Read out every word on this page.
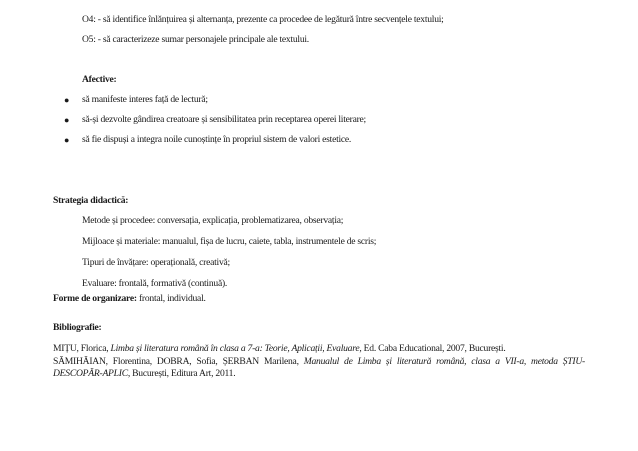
O4: - să identifice înlănțuirea și alternanța, prezente ca procedee de legătură între secvențele textului;
O5: - să caracterizeze sumar personajele principale ale textului.
Afective:
● să manifeste interes față de lectură;
● să-și dezvolte gândirea creatoare și sensibilitatea prin receptarea operei literare;
● să fie dispuși a integra noile cunoștințe în propriul sistem de valori estetice.
Strategia didactică:
Metode și procedee: conversația, explicația, problematizarea, observația;
Mijloace și materiale: manualul, fișa de lucru, caiete, tabla, instrumentele de scris;
Tipuri de învățare: operațională, creativă;
Evaluare: frontală, formativă (continuă).
Forme de organizare: frontal, individual.
Bibliografie:
MIȚU, Florica, Limba și literatura română în clasa a 7-a: Teorie, Aplicații, Evaluare, Ed. Caba Educational, 2007, București.
SĂMIHĂIAN, Florentina, DOBRA, Sofia, ȘERBAN Marilena, Manualul de Limba și literatură română, clasa a VII-a, metoda ȘTIU-DESCOPĂR-APLIC, București, Editura Art, 2011.
